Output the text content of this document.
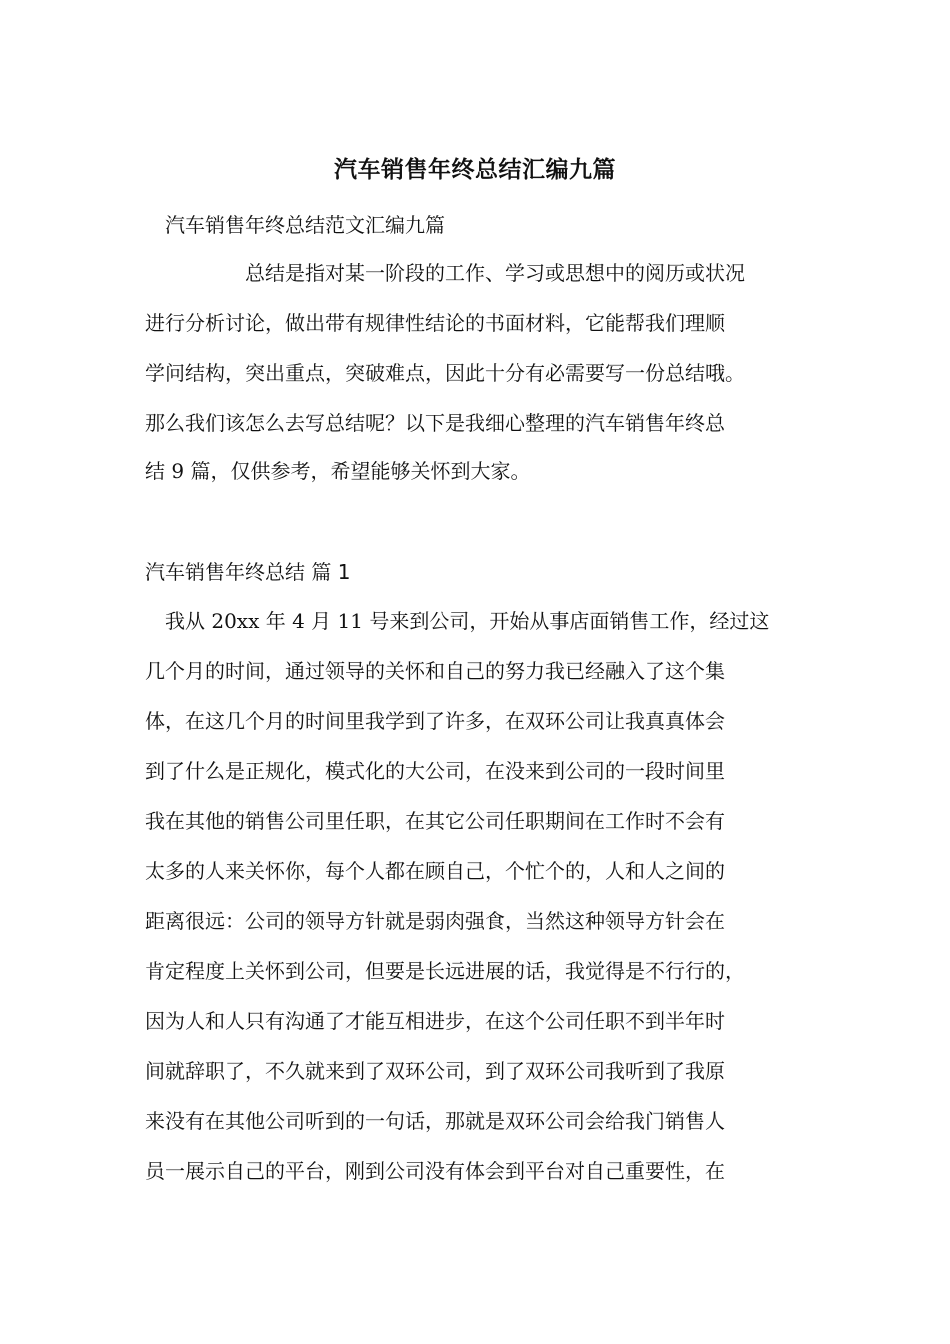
汽车销售年终总结汇编九篇

汽车销售年终总结范文汇编九篇

总结是指对某一阶段的工作、学习或思想中的阅历或状况

进行分析讨论，做出带有规律性结论的书面材料，它能帮我们理顺

学问结构，突出重点，突破难点，因此十分有必需要写一份总结哦。

那么我们该怎么去写总结呢？以下是我细心整理的汽车销售年终总

结 9 篇，仅供参考，希望能够关怀到大家。

汽车销售年终总结 篇 1

我从 20xx 年 4 月 11 号来到公司，开始从事店面销售工作，经过这

几个月的时间，通过领导的关怀和自己的努力我已经融入了这个集

体，在这几个月的时间里我学到了许多，在双环公司让我真真体会

到了什么是正规化，模式化的大公司，在没来到公司的一段时间里

我在其他的销售公司里任职，在其它公司任职期间在工作时不会有

太多的人来关怀你，每个人都在顾自己，个忙个的，人和人之间的

距离很远：公司的领导方针就是弱肉强食，当然这种领导方针会在

肯定程度上关怀到公司，但要是长远进展的话，我觉得是不行行的，

因为人和人只有沟通了才能互相进步，在这个公司任职不到半年时

间就辞职了，不久就来到了双环公司，到了双环公司我听到了我原

来没有在其他公司听到的一句话，那就是双环公司会给我门销售人

员一展示自己的平台，刚到公司没有体会到平台对自己重要性，在
